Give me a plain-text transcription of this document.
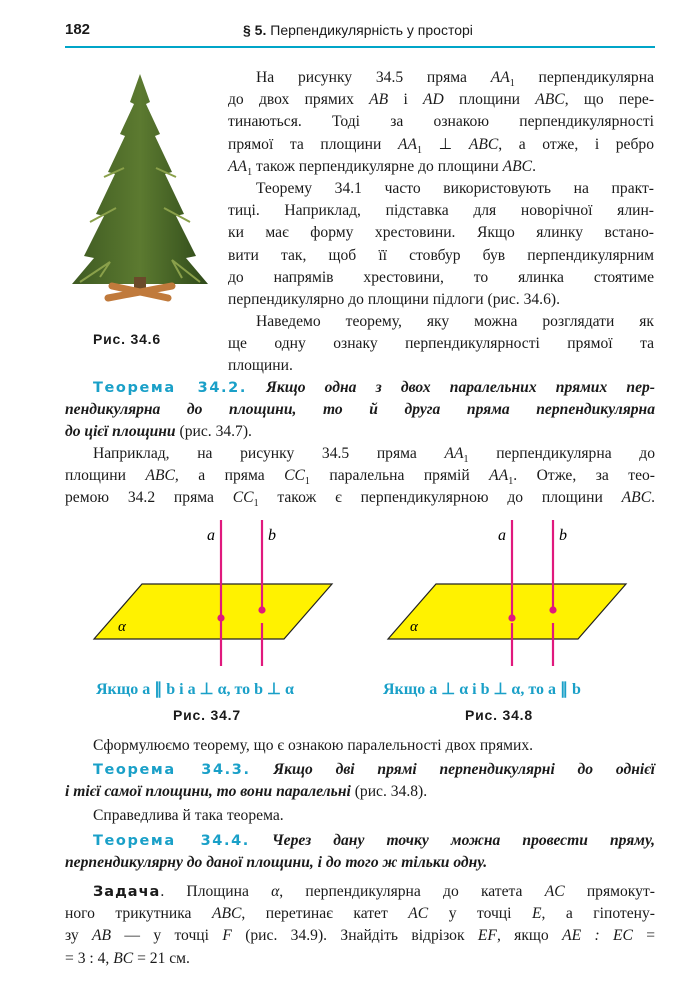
182	§ 5. Перпендикулярність у просторі
Рис. 34.6
На рисунку 34.5 пряма $AA_1$ перпендикулярна
до двох прямих AB і AD площини ABC, що пере-
тинаються. Тоді за ознакою перпендикулярності
прямої та площини $AA_1$ ⊥ ABC, а отже, і ребро
$AA_1$ також перпендикулярне до площини ABC.
Теорему 34.1 часто використовують на практ-
тиці. Наприклад, підставка для новорічної ялин-
ки має форму хрестовини. Якщо ялинку встано-
вити так, щоб її стовбур був перпендикулярним
до напрямів хрестовини, то ялинка стоятиме
перпендикулярно до площини підлоги (рис. 34.6).
Наведемо теорему, яку можна розглядати як
ще одну ознаку перпендикулярності прямої та
площини.
Теорема 34.2. Якщо одна з двох паралельних прямих пер-
пендикулярна до площини, то й друга пряма перпендикулярна
до цієї площини (рис. 34.7).
Наприклад, на рисунку 34.5 пряма $AA_1$ перпендикулярна до
площини ABC, а пряма $CC_1$ паралельна прямій $AA_1$. Отже, за тео-
ремою 34.2 пряма $CC_1$ також є перпендикулярною до площини ABC.
a	b
α
Якщо a ∥ b і a ⊥ α, то b ⊥ α
Рис. 34.7
a	b
α
Якщо a ⊥ α і b ⊥ α, то a ∥ b
Рис. 34.8
Сформулюємо теорему, що є ознакою паралельності двох прямих.
Теорема 34.3. Якщо дві прямі перпендикулярні до однієї
і тієї самої площини, то вони паралельні (рис. 34.8).
Справедлива й така теорема.
Теорема 34.4. Через дану точку можна провести пряму,
перпендикулярну до даної площини, і до того ж тільки одну.
Задача. Площина α, перпендикулярна до катета AC прямокут-
ного трикутника ABC, перетинає катет AC у точці E, а гіпотену-
зу AB — у точці F (рис. 34.9). Знайдіть відрізок EF, якщо AE : EC =
= 3 : 4, BC = 21 см.
